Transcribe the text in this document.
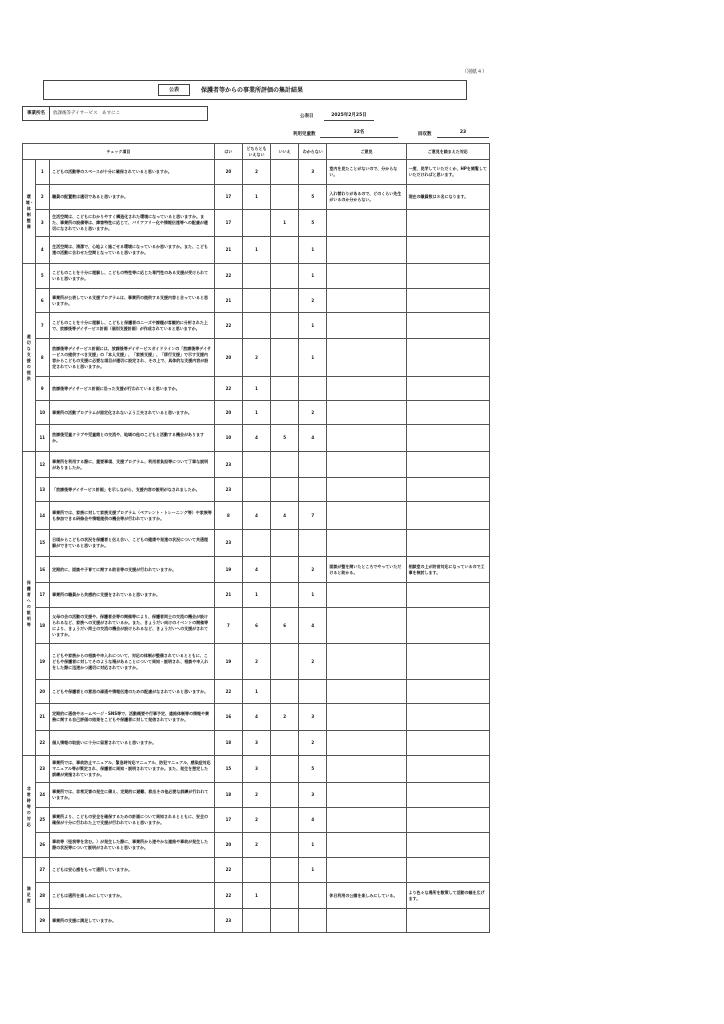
（別紙４）
公表	保護者等からの事業所評価の集計結果
事業所名	放課後等デイサービス　あすにこ
公表日	2025年2月25日
利用児童数	32名	回収数	23
チェック項目			はい	どちらともいえない	いいえ	わからない	ご意見	ご意見を踏まえた対応
環境・体制整備	1	こどもの活動等のスペースが十分に確保されていると思いますか。	20	2		3	室内を見たことがないので、分からない。	一度、見学していただくか、HPを閲覧していただければと思います。
	2	職員の配置数は適切であると思いますか。	17	1		5	入れ替わりがあるので、どのくらい先生がいるのか分からない。	現在の職員数は８名になります。
	3	生活空間は、こどもにわかりやすく構造化された環境になっていると思いますか。また、事業所の設備等は、障害特性に応じて、バリアフリー化や情報伝達等への配慮が適切になされていると思いますか。	17		1	5		
	4	生活空間は、清潔で、心地よく過ごせる環境になっているか思いますか。また、こども達の活動に合わせた空間となっていると思いますか。	21	1		1		
適切な支援の提供	5	こどものことを十分に理解し、こどもの特性等に応じた専門性のある支援が受けられていると思いますか。	22			1		
	6	事業所が公表している支援プログラムは、事業所の提供する支援内容と合っていると思いますか。	21			2		
	7	こどものことを十分に理解し、こどもと保護者のニーズや課題が客観的に分析された上で、放課後等デイサービス計画（個別支援計画）が作成されていると思いますか。	22			1		
	8	放課後等デイサービス計画には、放課後等デイサービスガイドラインの「放課後等デイサービスの提供すべき支援」の「本人支援」、「家族支援」、「移行支援」で示す支援内容からこどもの支援に必要な項目が適切に設定され、その上で、具体的な支援内容が設定されていると思いますか。	20	2		1		
	9	放課後等デイサービス計画に沿った支援が行われていると思いますか。	22	1				
	10	事業所の活動プログラムが固定化されないよう工夫されていると思いますか。	20	1		2		
	11	放課後児童クラブや児童館との交流や、地域の他のこどもと活動する機会がありますか。	10	4	5	4		
保護者への説明等	12	事業所を利用する際に、重要事項、支援プログラム、利用者負担等について丁寧な説明がありましたか。	23					
	13	「放課後等デイサービス計画」を示しながら、支援内容の説明がなされましたか。	23					
	14	事業所では、家族に対して家族支援プログラム（ペアレント・トレーニング等）や家族等も参加できる研修会や情報提供の機会等が行われていますか。	8	4	4	7		
	15	日頃からこどもの状況を保護者と伝え合い、こどもの健康や発達の状況について共通理解ができていると思いますか。	23					
	16	定期的に、面談や子育てに関する助言等の支援が行われていますか。	19	4		2	面談が整を開いたところでやっていただけると助かる。	相談室の上が防音対応になっているので工事を検討します。
	17	事業所の職員から共感的に支援をされていると思いますか。	21	1		1		
	18	父母の会の活動の支援や、保護者会等の開催等により、保護者同士の交流の機会が設けられるなど、家族への支援がされているか。また、きょうだい向けのイベントの開催等により、きょうだい同士の交流の機会が設けられるなど、きょうだいへの支援がされていますか。	7	6	6	4		
	19	こどもや家族からの相談や申入れについて、対応の体制が整備されているとともに、こどもや保護者に対してそのような場があることについて周知・説明され、相談や申入れをした際に迅速かつ適切に対応されていますか。	19	2		2		
	20	こどもや保護者との意思の疎通や情報伝達のための配慮がなされていると思いますか。	22	1				
	21	定期的に通信やホームページ・SNS等で、活動概要や行事予定、連絡体制等の情報や業務に関する自己評価の結果をこどもや保護者に対して発信されていますか。	16	4	2	3		
	22	個人情報の取扱いに十分に留意されていると思いますか。	18	3		2		
非常時等の対応	23	事業所では、事故防止マニュアル、緊急時対応マニュアル、防犯マニュアル、感染症対応マニュアル等が策定され、保護者に周知・説明されていますか。また、発生を想定した訓練が実施されていますか。	15	3		5		
	24	事業所では、非常災害の発生に備え、定期的に避難、救出その他必要な訓練が行われていますか。	18	2		3		
	25	事業所より、こどもの安全を確保するための計画について周知されるとともに、安全の確保が十分に行われた上で支援が行われていると思いますか。	17	2		4		
	26	事故等（怪我等を含む。）が発生した際に、事業所から速やかな連絡や事故が発生した際の状況等について説明がされていると思いますか。	20	2		1		
満足度	27	こどもは安心感をもって通所していますか。	22			1		
	28	こどもは通所を楽しみにしていますか。	22	1			休日利用の公園を楽しみにしている。	より色々な場所を散策して活動の幅を広げます。
	29	事業所の支援に満足していますか。	23					
